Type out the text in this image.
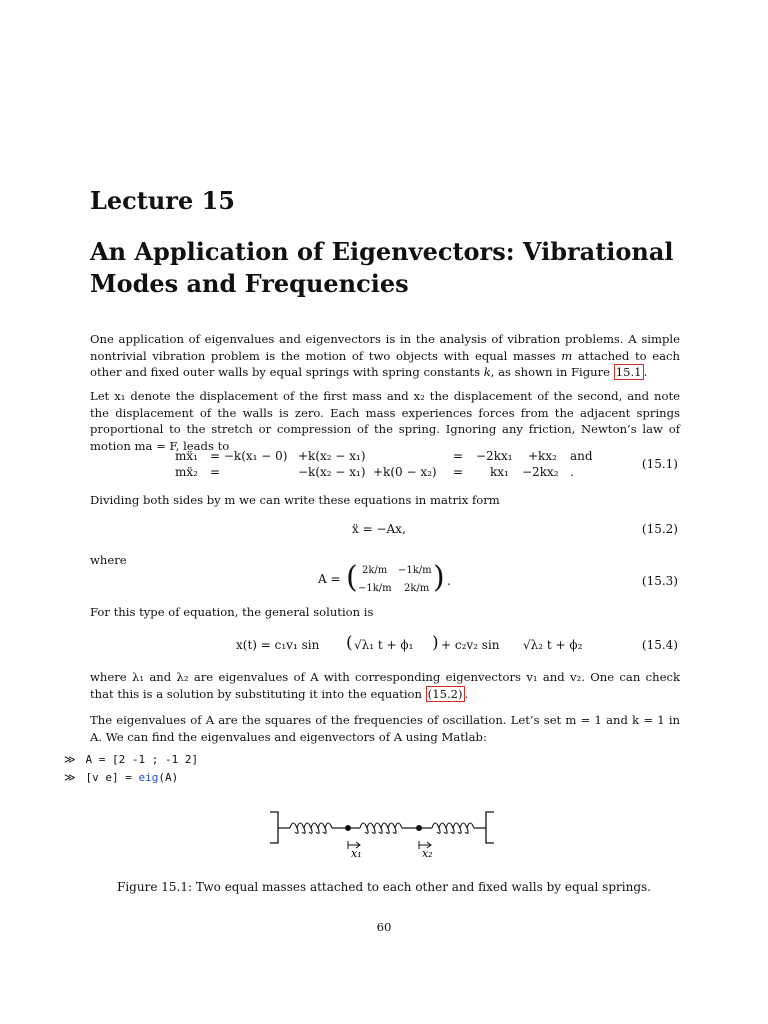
Lecture 15
An Application of Eigenvectors: Vibrational Modes and Frequencies
One application of eigenvalues and eigenvectors is in the analysis of vibration problems. A simple nontrivial vibration problem is the motion of two objects with equal masses m attached to each other and fixed outer walls by equal springs with spring constants k, as shown in Figure 15.1 .
Let x₁ denote the displacement of the first mass and x₂ the displacement of the second, and note the displacement of the walls is zero. Each mass experiences forces from the adjacent springs proportional to the stretch or compression of the spring. Ignoring any friction, Newton’s law of motion ma = F, leads to
mẍ₁ = −k(x₁ − 0) +k(x₂ − x₁)	= −2kx₁ +kx₂ and
mẍ₂ =	−k(x₂ − x₁) +k(0 − x₂) = kx₁ −2kx₂ .
(15.1)
Dividing both sides by m we can write these equations in matrix form
ẍ = −Ax,	(15.2)
where
A = ( 2k/m −1k/m
−1k/m 2k/m ) .	(15.3)
For this type of equation, the general solution is
x(t) = c₁v₁ sin ( √λ₁ t + ϕ₁ ) + c₂v₂ sin √λ₂ t + ϕ₂	(15.4)
where λ₁ and λ₂ are eigenvalues of A with corresponding eigenvectors v₁ and v₂. One can check that this is a solution by substituting it into the equation (15.2) .
The eigenvalues of A are the squares of the frequencies of oscillation. Let’s set m = 1 and k = 1 in A. We can find the eigenvalues and eigenvectors of A using Matlab:
≫ A = [2 -1 ; -1 2]
≫ [v e] = eig(A)
x₁	x₂
Figure 15.1: Two equal masses attached to each other and fixed walls by equal springs.
60
